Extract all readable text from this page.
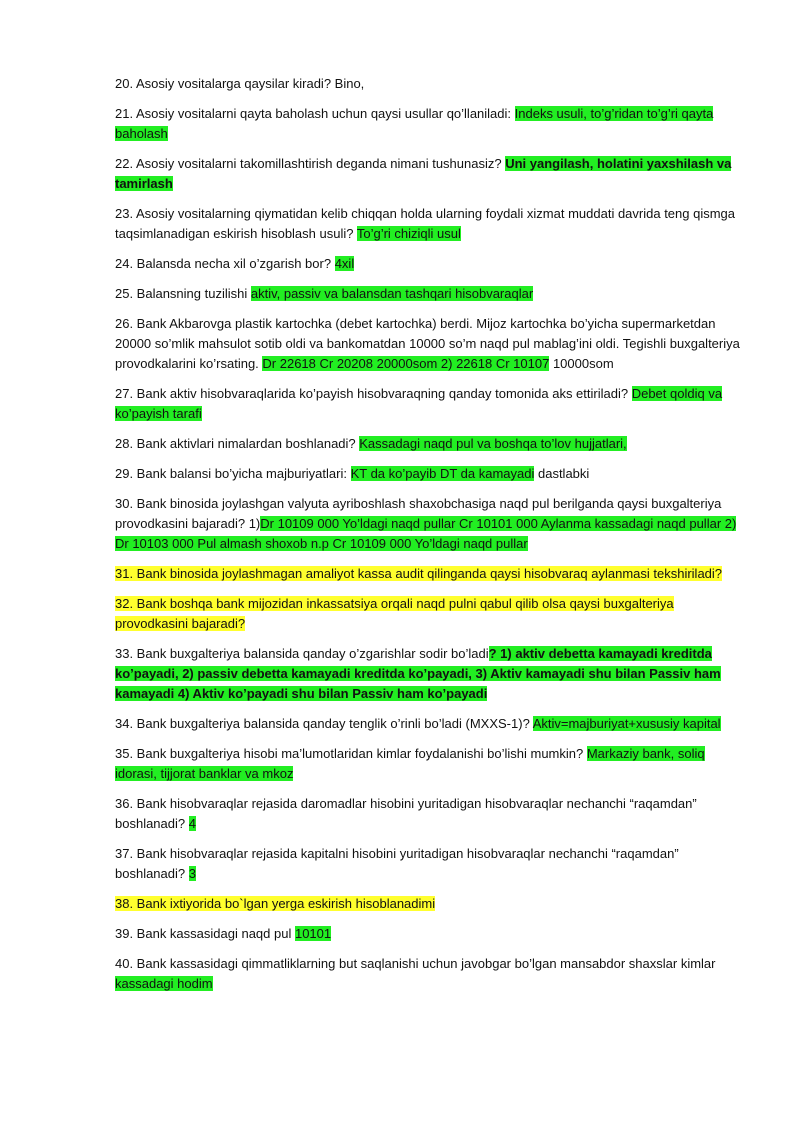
20. Asosiy vositalarga qaysilar kiradi? Bino,

21. Asosiy vositalarni qayta baholash uchun qaysi usullar qo’llaniladi: Indeks usuli, to’g’ridan to’g’ri qayta baholash

22. Asosiy vositalarni takomillashtirish deganda nimani tushunasiz? Uni yangilash, holatini yaxshilash va tamirlash

23. Asosiy vositalarning qiymatidan kelib chiqqan holda ularning foydali xizmat muddati davrida teng qismga taqsimlanadigan eskirish hisoblash usuli? To’g’ri chiziqli usul

24. Balansda necha xil o’zgarish bor? 4xil

25. Balansning tuzilishi aktiv, passiv va balansdan tashqari hisobvaraqlar

26. Bank Akbarovga plastik kartochka (debet kartochka) berdi. Mijoz kartochka bo’yicha supermarketdan 20000 so’mlik mahsulot sotib oldi va bankomatdan 10000 so’m naqd pul mablag’ini oldi. Tegishli buxgalteriya provodkalarini ko’rsating. Dr 22618 Cr 20208 20000som 2) 22618 Cr 10107 10000som

27. Bank aktiv hisobvaraqlarida ko’payish hisobvaraqning qanday tomonida aks ettiriladi? Debet qoldiq va ko’payish tarafi

28. Bank aktivlari nimalardan boshlanadi? Kassadagi naqd pul va boshqa to’lov hujjatlari,

29. Bank balansi bo’yicha majburiyatlari: KT da ko’payib DT da kamayadi dastlabki

30. Bank binosida joylashgan valyuta ayriboshlash shaxobchasiga naqd pul berilganda qaysi buxgalteriya provodkasini bajaradi? 1)Dr 10109 000 Yo’ldagi naqd pullar Cr 10101 000 Aylanma kassadagi naqd pullar 2) Dr 10103 000 Pul almash shoxob n.p Cr 10109 000 Yo’ldagi naqd pullar

31. Bank binosida joylashmagan amaliyot kassa audit qilinganda qaysi hisobvaraq aylanmasi tekshiriladi?

32. Bank boshqa bank mijozidan inkassatsiya orqali naqd pulni qabul qilib olsa qaysi buxgalteriya provodkasini bajaradi?

33. Bank buxgalteriya balansida qanday o’zgarishlar sodir bo’ladi? 1) aktiv debetta kamayadi kreditda ko’payadi, 2) passiv debetta kamayadi kreditda ko’payadi, 3) Aktiv kamayadi shu bilan Passiv ham kamayadi 4) Aktiv ko’payadi shu bilan Passiv ham ko’payadi

34. Bank buxgalteriya balansida qanday tenglik o’rinli bo’ladi (MXXS-1)? Aktiv=majburiyat+xususiy kapital

35. Bank buxgalteriya hisobi ma’lumotlaridan kimlar foydalanishi bo’lishi mumkin? Markaziy bank, soliq idorasi, tijjorat banklar va mkoz

36. Bank hisobvaraqlar rejasida daromadlar hisobini yuritadigan hisobvaraqlar nechanchi “raqamdan” boshlanadi? 4

37. Bank hisobvaraqlar rejasida kapitalni hisobini yuritadigan hisobvaraqlar nechanchi “raqamdan” boshlanadi? 3

38. Bank ixtiyorida bo`lgan yerga eskirish hisoblanadimi

39. Bank kassasidagi naqd pul 10101

40. Bank kassasidagi qimmatliklarning but saqlanishi uchun javobgar bo’lgan mansabdor shaxslar kimlar kassadagi hodim
